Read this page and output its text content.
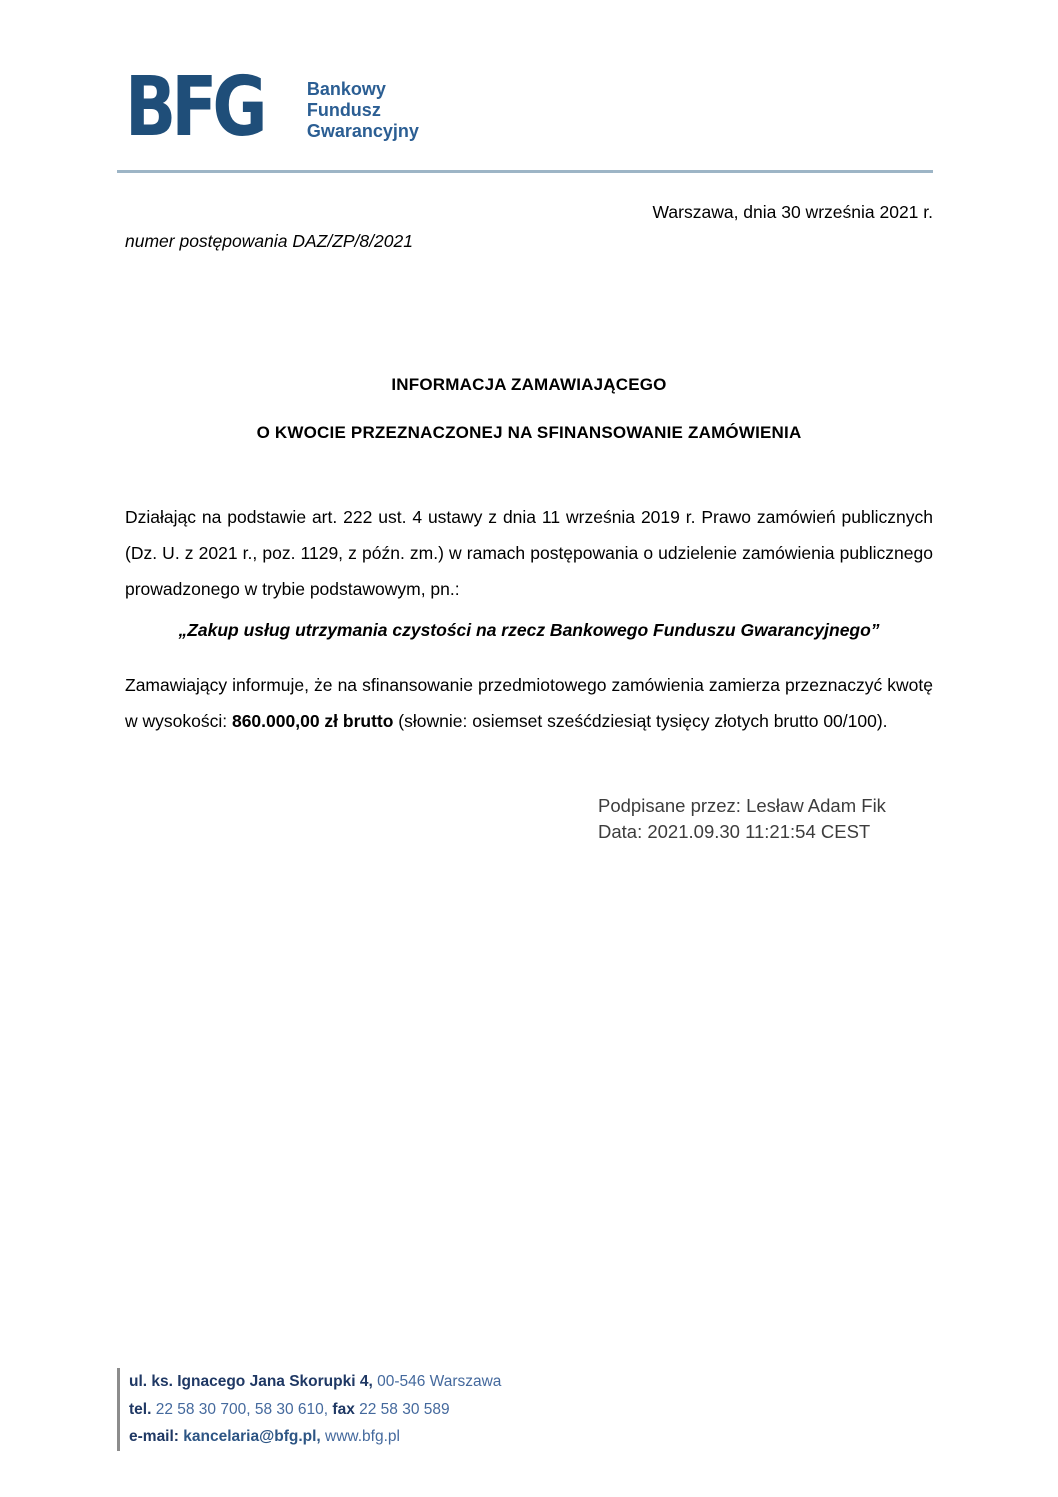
BFG Bankowy
Fundusz
Gwarancyjny
Warszawa, dnia 30 września 2021 r.
numer postępowania DAZ/ZP/8/2021
INFORMACJA ZAMAWIAJĄCEGO
O KWOCIE PRZEZNACZONEJ NA SFINANSOWANIE ZAMÓWIENIA
Działając na podstawie art. 222 ust. 4 ustawy z dnia 11 września 2019 r. Prawo zamówień publicznych (Dz. U. z 2021 r., poz. 1129, z późn. zm.) w ramach postępowania o udzielenie zamówienia publicznego prowadzonego w trybie podstawowym, pn.:
„Zakup usług utrzymania czystości na rzecz Bankowego Funduszu Gwarancyjnego”
Zamawiający informuje, że na sfinansowanie przedmiotowego zamówienia zamierza przeznaczyć kwotę w wysokości: 860.000,00 zł brutto (słownie: osiemset sześćdziesiąt tysięcy złotych brutto 00/100).
Podpisane przez: Lesław Adam Fik
Data: 2021.09.30 11:21:54 CEST
ul. ks. Ignacego Jana Skorupki 4, 00-546 Warszawa
tel. 22 58 30 700, 58 30 610, fax 22 58 30 589
e-mail: kancelaria@bfg.pl, www.bfg.pl
